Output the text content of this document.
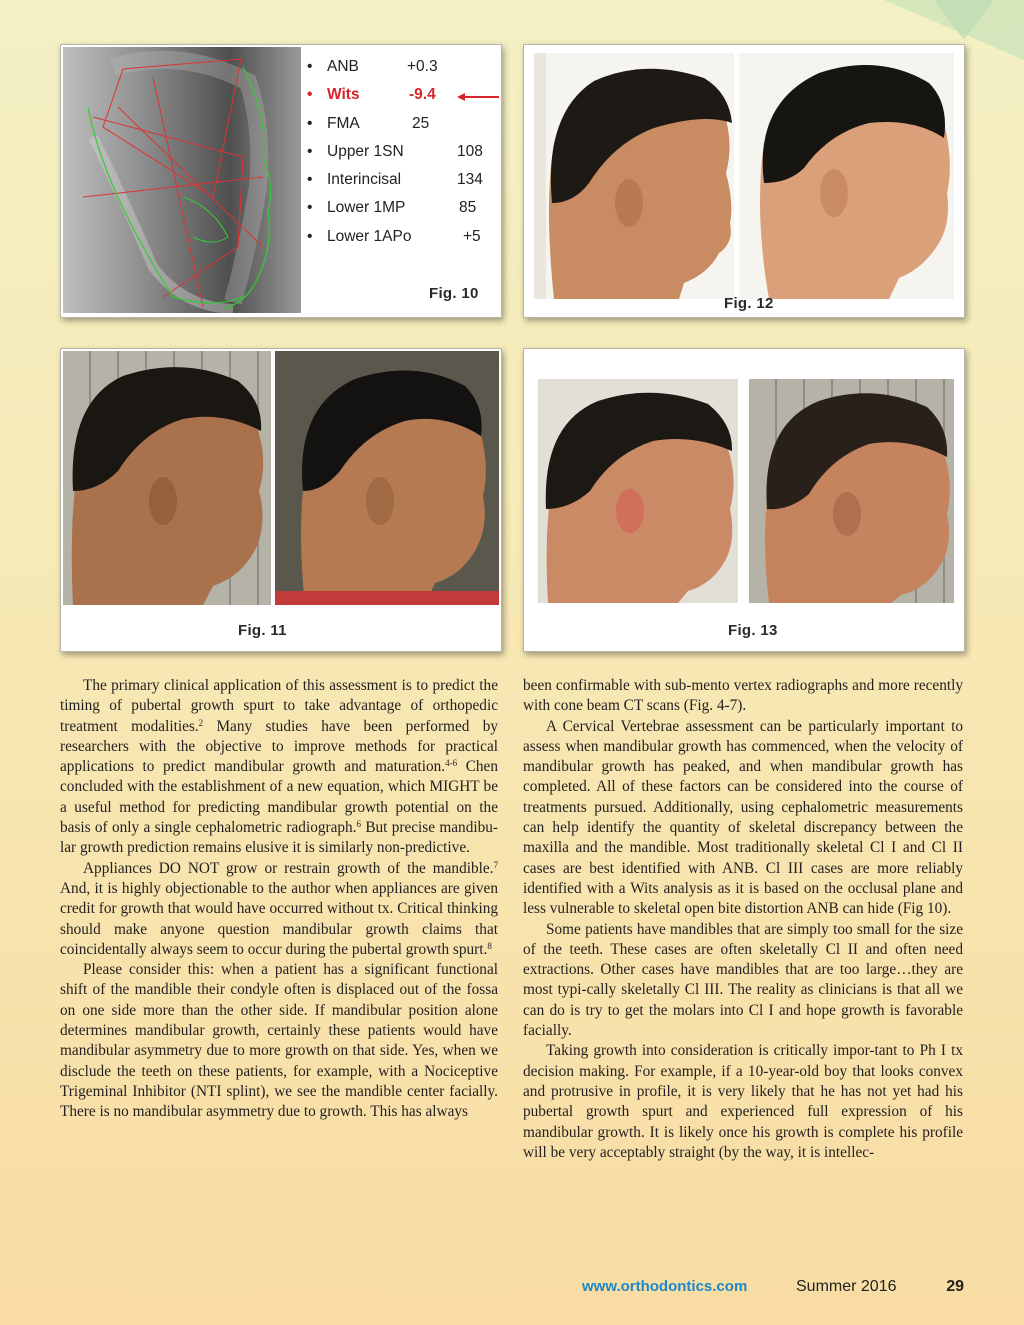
• ANB	+0.3
• Wits	-9.4
• FMA	25
• Upper 1SN	108
• Interincisal	134
• Lower 1MP	85
• Lower 1APo	+5
Fig. 10
Fig. 12
Fig. 11	Fig. 13

The primary clinical application of this assessment is to predict the timing of pubertal growth spurt to take advantage of orthopedic treatment modalities.$^2$ Many studies have been performed by researchers with the objective to improve methods for practical applications to predict mandibular growth and maturation.$^{4-6}$ Chen concluded with the establishment of a new equation, which MIGHT be a useful method for predicting mandibular growth potential on the basis of only a single cephalometric radiograph.$^6$ But precise mandibu-lar growth prediction remains elusive it is similarly non-predictive.

Appliances DO NOT grow or restrain growth of the mandible.$^7$ And, it is highly objectionable to the author when appliances are given credit for growth that would have occurred without tx. Critical thinking should make anyone question mandibular growth claims that coincidentally always seem to occur during the pubertal growth spurt.$^8$

Please consider this: when a patient has a significant functional shift of the mandible their condyle often is displaced out of the fossa on one side more than the other side. If mandibular position alone determines mandibular growth, certainly these patients would have mandibular asymmetry due to more growth on that side. Yes, when we disclude the teeth on these patients, for example, with a Nociceptive Trigeminal Inhibitor (NTI splint), we see the mandible center facially. There is no mandibular asymmetry due to growth. This has always

been confirmable with sub-mento vertex radiographs and more recently with cone beam CT scans (Fig. 4-7).

A Cervical Vertebrae assessment can be particularly important to assess when mandibular growth has commenced, when the velocity of mandibular growth has peaked, and when mandibular growth has completed. All of these factors can be considered into the course of treatments pursued. Additionally, using cephalometric measurements can help identify the quantity of skeletal discrepancy between the maxilla and the mandible. Most traditionally skeletal Cl I and Cl II cases are best identified with ANB. Cl III cases are more reliably identified with a Wits analysis as it is based on the occlusal plane and less vulnerable to skeletal open bite distortion ANB can hide (Fig 10).

Some patients have mandibles that are simply too small for the size of the teeth. These cases are often skeletally Cl II and often need extractions. Other cases have mandibles that are too large…they are most typi-cally skeletally Cl III. The reality as clinicians is that all we can do is try to get the molars into Cl I and hope growth is favorable facially.

Taking growth into consideration is critically impor-tant to Ph I tx decision making. For example, if a 10-year-old boy that looks convex and protrusive in profile, it is very likely that he has not yet had his pubertal growth spurt and experienced full expression of his mandibular growth. It is likely once his growth is complete his profile will be very acceptably straight (by the way, it is intellec-

www.orthodontics.com	Summer 2016	29
